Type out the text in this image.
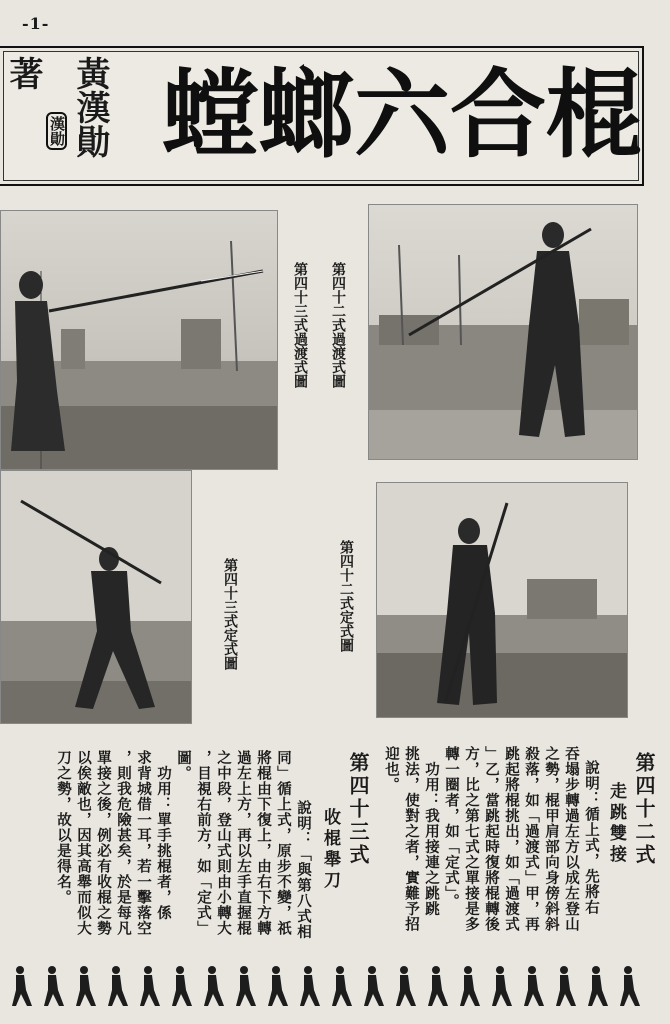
-1-
螳螂六合棍
黃漢勛
漢勛
著
第四十二式過渡式圖
第四十三式過渡式圖
第四十二式定式圖
第四十三式定式圖
第四十二式
走跳雙接
說明：循上式，先將右
吞塌步轉過左方以成左登山
之勢，棍甲肩部向身傍斜斜
殺落，如「過渡式」甲，再
跳起將棍挑出，如「過渡式
」乙，當跳起時復將棍轉後
方，比之第七式之單接是多
轉一圈者，如「定式」。
　功用：我用接連之跳跳
挑法，使對之者，實難予招
迎也。
第四十三式
收棍舉刀
說明：「與第八式相
同」循上式，原步不變，祇
將棍由下復上，由右下方轉
過左上方，再以左手直握棍
之中段，登山式則由小轉大
，目視右前方，如「定式」
圖。
　功用：單手挑棍者，係
求背城借一耳，若一擊落空
，則我危險甚矣，於是每凡
單接之後，例必有收棍之勢
以俟敵也，因其高舉而似大
刀之勢，故以是得名。
